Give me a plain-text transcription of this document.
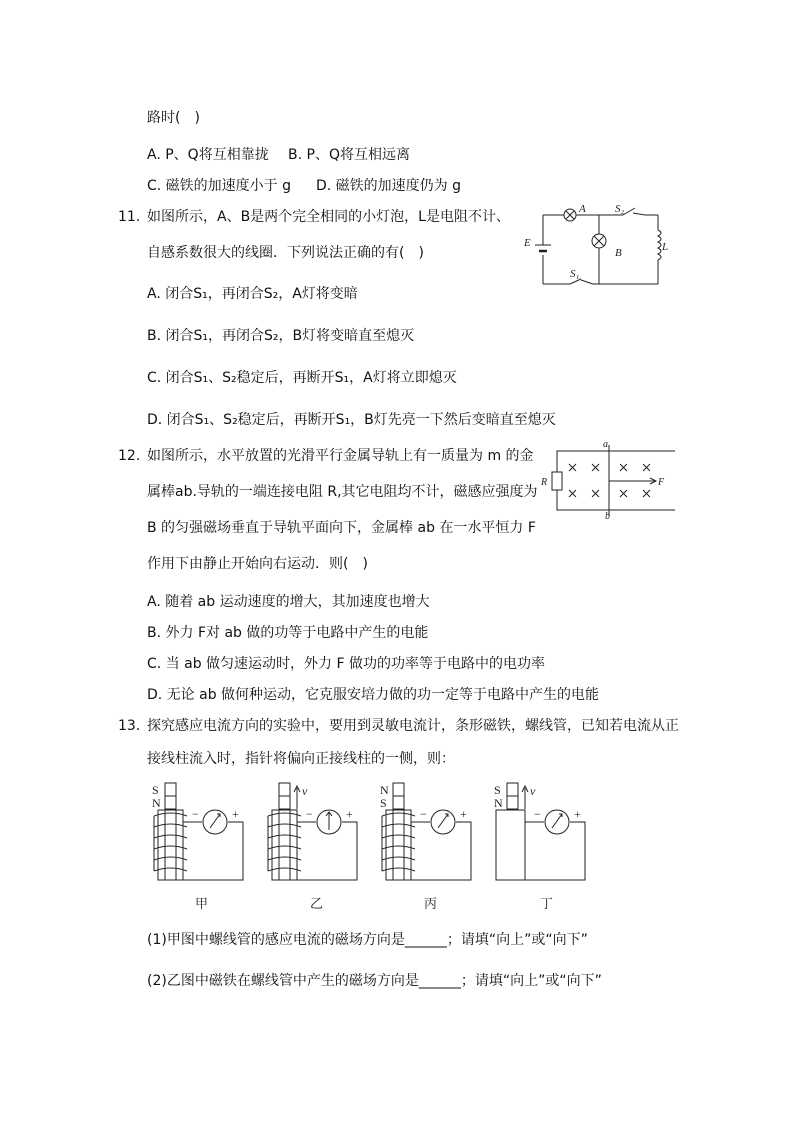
路时(　)
A. P、Q将互相靠拢 B. P、Q将互相远离
C. 磁铁的加速度小于 g D. 磁铁的加速度仍为 g
11. 如图所示，A、B是两个完全相同的小灯泡，L是电阻不计、
自感系数很大的线圈．下列说法正确的有(　)
A. 闭合S₁，再闭合S₂，A灯将变暗
B. 闭合S₁，再闭合S₂，B灯将变暗直至熄灭
C. 闭合S₁、S₂稳定后，再断开S₁，A灯将立即熄灭
D. 闭合S₁、S₂稳定后，再断开S₁，B灯先亮一下然后变暗直至熄灭
A	S₂
B
E	L
S₁
12. 如图所示，水平放置的光滑平行金属导轨上有一质量为 m 的金
属棒ab.导轨的一端连接电阻 R,其它电阻均不计，磁感应强度为
B 的匀强磁场垂直于导轨平面向下，金属棒 ab 在一水平恒力 F
作用下由静止开始向右运动．则(　)
A. 随着 ab 运动速度的增大，其加速度也增大
B. 外力 F对 ab 做的功等于电路中产生的电能
C. 当 ab 做匀速运动时，外力 F 做功的功率等于电路中的电功率
D. 无论 ab 做何种运动，它克服安培力做的功一定等于电路中产生的电能
a
b
R	F
13. 探究感应电流方向的实验中，要用到灵敏电流计，条形磁铁，螺线管，已知若电流从正
接线柱流入时，指针将偏向正接线柱的一侧，则：
S
N
−	+
甲
v
−	+
乙
N
S
−	+
丙
S
N
v
−	+
丁
(1)甲图中螺线管的感应电流的磁场方向是______；请填“向上”或“向下”
(2)乙图中磁铁在螺线管中产生的磁场方向是______；请填“向上”或“向下”
